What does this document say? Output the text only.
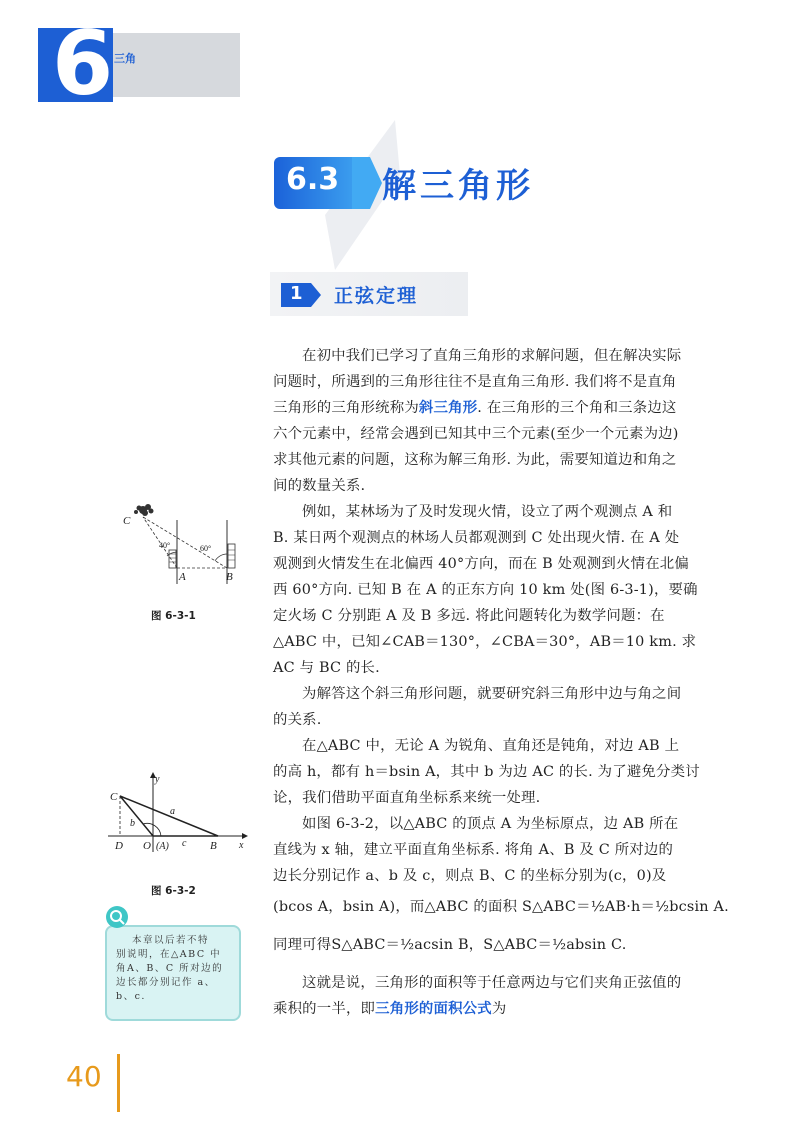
6 三角
6.3 解三角形
1 正弦定理
在初中我们已学习了直角三角形的求解问题，但在解决实际
问题时，所遇到的三角形往往不是直角三角形. 我们将不是直角
三角形的三角形统称为斜三角形. 在三角形的三个角和三条边这
六个元素中，经常会遇到已知其中三个元素(至少一个元素为边)
求其他元素的问题，这称为解三角形. 为此，需要知道边和角之
间的数量关系.
例如，某林场为了及时发现火情，设立了两个观测点 A 和
B. 某日两个观测点的林场人员都观测到 C 处出现火情. 在 A 处
观测到火情发生在北偏西 40°方向，而在 B 处观测到火情在北偏
西 60°方向. 已知 B 在 A 的正东方向 10 km 处(图 6-3-1)，要确
定火场 C 分别距 A 及 B 多远. 将此问题转化为数学问题：在
△ABC 中，已知∠CAB＝130°，∠CBA＝30°，AB＝10 km. 求
AC 与 BC 的长.
为解答这个斜三角形问题，就要研究斜三角形中边与角之间
的关系.
在△ABC 中，无论 A 为锐角、直角还是钝角，对边 AB 上
的高 h，都有 h＝bsin A，其中 b 为边 AC 的长. 为了避免分类讨
论，我们借助平面直角坐标系来统一处理.
如图 6-3-2，以△ABC 的顶点 A 为坐标原点，边 AB 所在
直线为 x 轴，建立平面直角坐标系. 将角 A、B 及 C 所对边的
边长分别记作 a、b 及 c，则点 B、C 的坐标分别为(c，0)及
(bcos A，bsin A)，而△ABC 的面积 S△ABC＝½AB·h＝½bcsin A.
同理可得S△ABC＝½acsin B，S△ABC＝½absin C.
这就是说，三角形的面积等于任意两边与它们夹角正弦值的
乘积的一半，即三角形的面积公式为
C
40°	60°
A	B
图 6-3-1
y
x
C
D O (A)	B
a
b
c
图 6-3-2
本章以后若不特
别说明，在△ABC 中
角A、B、C 所对边的
边长都分别记作 a、
b、c.
40
